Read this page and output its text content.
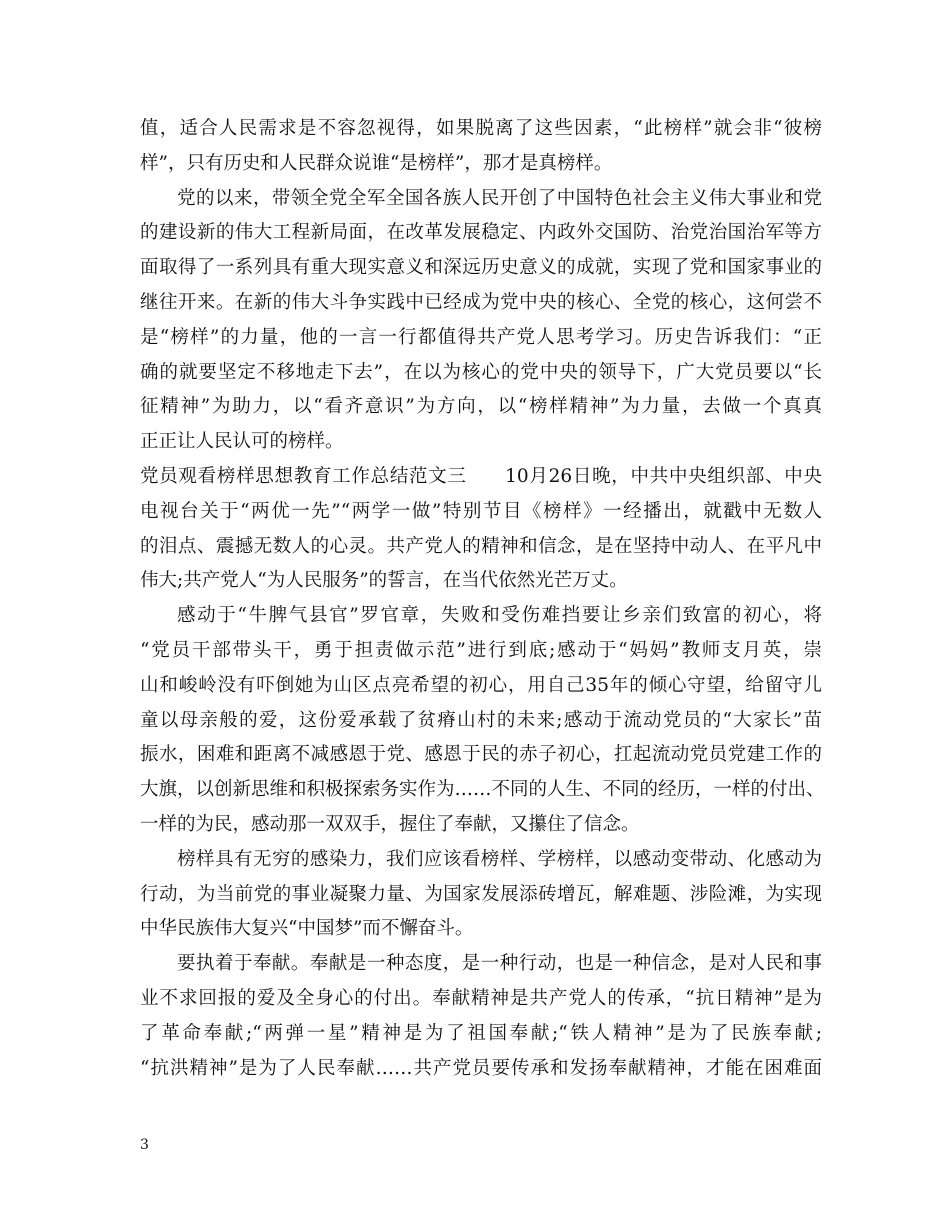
值，适合人民需求是不容忽视得，如果脱离了这些因素，“此榜样”就会非“彼榜
样”，只有历史和人民群众说谁“是榜样”，那才是真榜样。
党的以来，带领全党全军全国各族人民开创了中国特色社会主义伟大事业和党
的建设新的伟大工程新局面，在改革发展稳定、内政外交国防、治党治国治军等方
面取得了一系列具有重大现实意义和深远历史意义的成就，实现了党和国家事业的
继往开来。在新的伟大斗争实践中已经成为党中央的核心、全党的核心，这何尝不
是“榜样”的力量，他的一言一行都值得共产党人思考学习。历史告诉我们：“正
确的就要坚定不移地走下去”，在以为核心的党中央的领导下，广大党员要以“长
征精神”为助力，以“看齐意识”为方向，以“榜样精神”为力量，去做一个真真
正正让人民认可的榜样。
党员观看榜样思想教育工作总结范文三　　10月26日晚，中共中央组织部、中央
电视台关于“两优一先”“两学一做”特别节目《榜样》一经播出，就戳中无数人
的泪点、震撼无数人的心灵。共产党人的精神和信念，是在坚持中动人、在平凡中
伟大;共产党人“为人民服务”的誓言，在当代依然光芒万丈。
感动于“牛脾气县官”罗官章，失败和受伤难挡要让乡亲们致富的初心，将
“党员干部带头干，勇于担责做示范”进行到底;感动于“妈妈”教师支月英，崇
山和峻岭没有吓倒她为山区点亮希望的初心，用自己35年的倾心守望，给留守儿
童以母亲般的爱，这份爱承载了贫瘠山村的未来;感动于流动党员的“大家长”苗
振水，困难和距离不减感恩于党、感恩于民的赤子初心，扛起流动党员党建工作的
大旗，以创新思维和积极探索务实作为……不同的人生、不同的经历，一样的付出、
一样的为民，感动那一双双手，握住了奉献，又攥住了信念。
榜样具有无穷的感染力，我们应该看榜样、学榜样，以感动变带动、化感动为
行动，为当前党的事业凝聚力量、为国家发展添砖增瓦，解难题、涉险滩，为实现
中华民族伟大复兴“中国梦”而不懈奋斗。
要执着于奉献。奉献是一种态度，是一种行动，也是一种信念，是对人民和事
业不求回报的爱及全身心的付出。奉献精神是共产党人的传承，“抗日精神”是为
了革命奉献;“两弹一星”精神是为了祖国奉献;“铁人精神”是为了民族奉献;
“抗洪精神”是为了人民奉献……共产党员要传承和发扬奉献精神，才能在困难面
3
